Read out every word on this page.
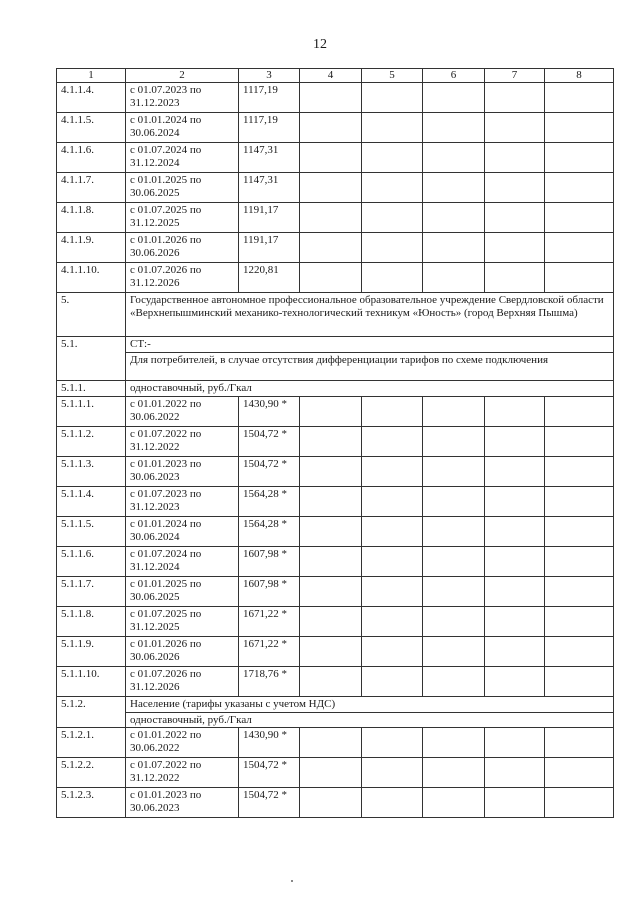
12
1	2	3	4	5	6	7	8
4.1.1.4.	с 01.07.2023 по
31.12.2023	1117,19					
4.1.1.5.	с 01.01.2024 по
30.06.2024	1117,19					
4.1.1.6.	с 01.07.2024 по
31.12.2024	1147,31					
4.1.1.7.	с 01.01.2025 по
30.06.2025	1147,31					
4.1.1.8.	с 01.07.2025 по
31.12.2025	1191,17					
4.1.1.9.	с 01.01.2026 по
30.06.2026	1191,17					
4.1.1.10.	с 01.07.2026 по
31.12.2026	1220,81					
5.	Государственное автономное профессиональное образовательное учреждение Свердловской области «Верхнепышминский механико-технологический техникум «Юность» (город Верхняя Пышма)						
5.1.	СТ:-						
	Для потребителей, в случае отсутствия дифференциации тарифов по схеме подключения						
5.1.1.	одноставочный, руб./Гкал						
5.1.1.1.	с 01.01.2022 по
30.06.2022	1430,90 *					
5.1.1.2.	с 01.07.2022 по
31.12.2022	1504,72 *					
5.1.1.3.	с 01.01.2023 по
30.06.2023	1504,72 *					
5.1.1.4.	с 01.07.2023 по
31.12.2023	1564,28 *					
5.1.1.5.	с 01.01.2024 по
30.06.2024	1564,28 *					
5.1.1.6.	с 01.07.2024 по
31.12.2024	1607,98 *					
5.1.1.7.	с 01.01.2025 по
30.06.2025	1607,98 *					
5.1.1.8.	с 01.07.2025 по
31.12.2025	1671,22 *					
5.1.1.9.	с 01.01.2026 по
30.06.2026	1671,22 *					
5.1.1.10.	с 01.07.2026 по
31.12.2026	1718,76 *					
5.1.2.	Население (тарифы указаны с учетом НДС)						
	одноставочный, руб./Гкал						
5.1.2.1.	с 01.01.2022 по
30.06.2022	1430,90 *					
5.1.2.2.	с 01.07.2022 по
31.12.2022	1504,72 *					
5.1.2.3.	с 01.01.2023 по
30.06.2023	1504,72 *					
